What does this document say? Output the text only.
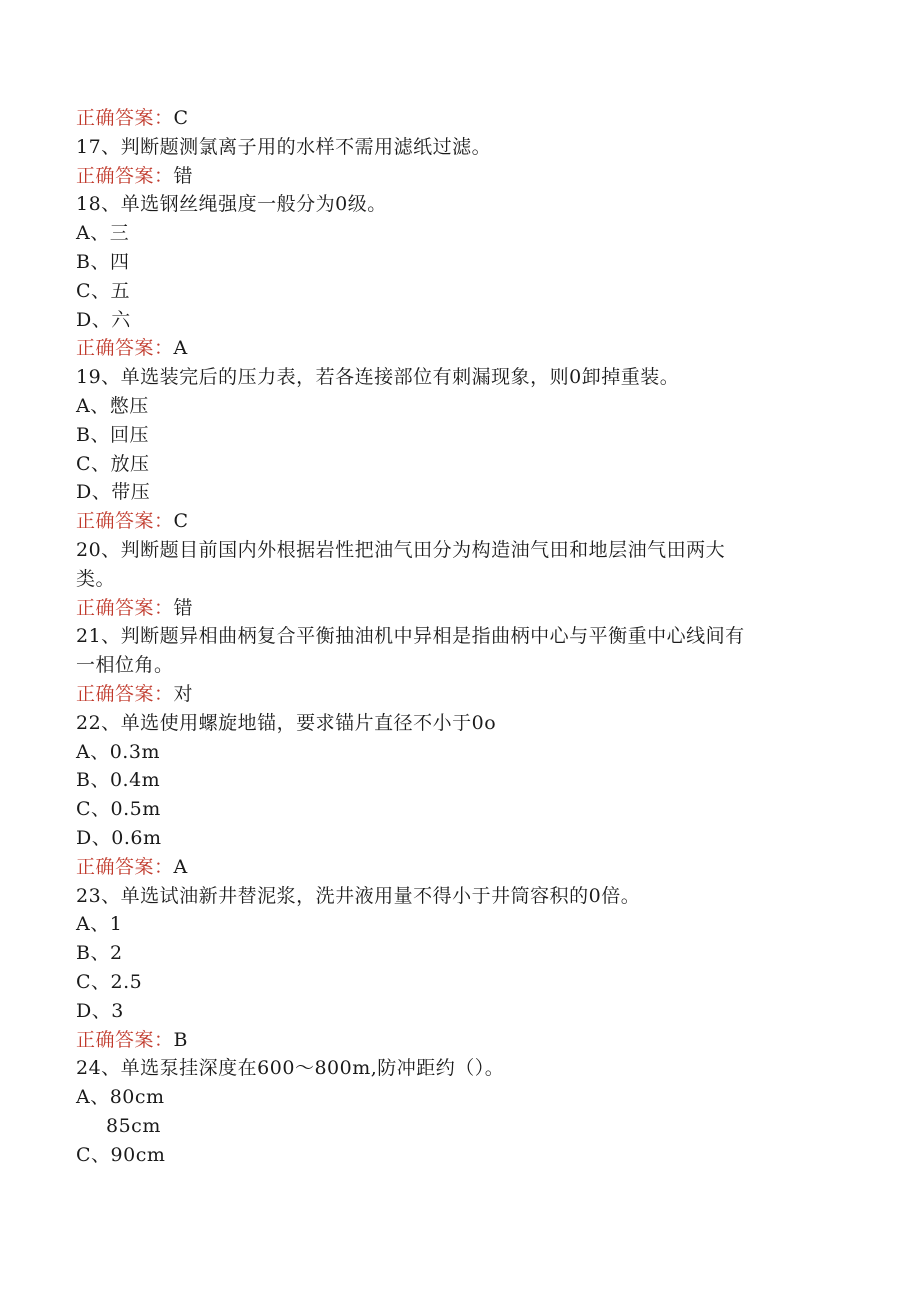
正确答案：C
17、判断题测氯离子用的水样不需用滤纸过滤。
正确答案：错
18、单选钢丝绳强度一般分为0级。
A、三
B、四
C、五
D、六
正确答案：A
19、单选装完后的压力表，若各连接部位有刺漏现象，则0卸掉重装。
A、憋压
B、回压
C、放压
D、带压
正确答案：C
20、判断题目前国内外根据岩性把油气田分为构造油气田和地层油气田两大
类。
正确答案：错
21、判断题异相曲柄复合平衡抽油机中异相是指曲柄中心与平衡重中心线间有
一相位角。
正确答案：对
22、单选使用螺旋地锚，要求锚片直径不小于0o
A、0.3m
B、0.4m
C、0.5m
D、0.6m
正确答案：A
23、单选试油新井替泥浆，洗井液用量不得小于井筒容积的0倍。
A、1
B、2
C、2.5
D、3
正确答案：B
24、单选泵挂深度在600～800m,防冲距约（）。
A、80cm
85cm
C、90cm
